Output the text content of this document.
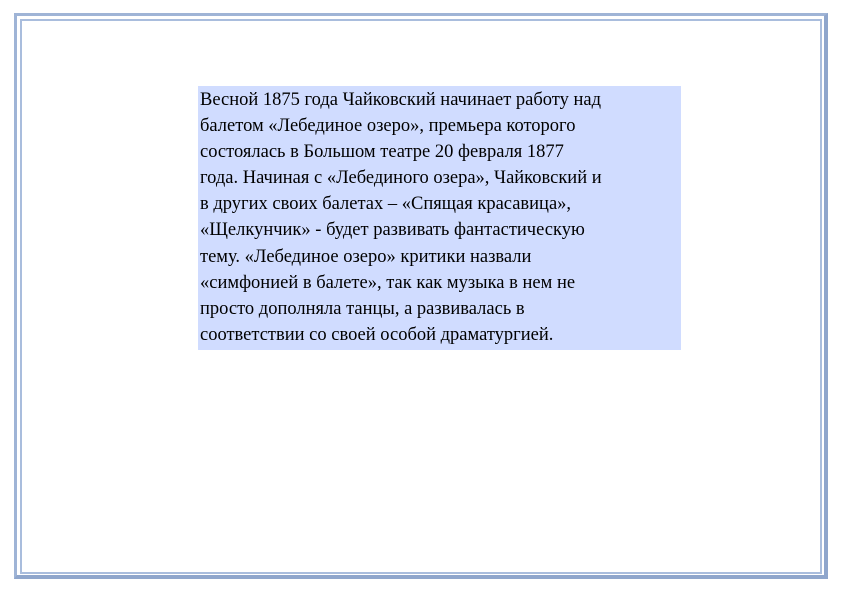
Весной 1875 года Чайковский начинает работу над
балетом «Лебединое озеро», премьера которого
состоялась в Большом театре 20 февраля 1877
года. Начиная с «Лебединого озера», Чайковский и
в других своих балетах – «Спящая красавица»,
«Щелкунчик» - будет развивать фантастическую
тему. «Лебединое озеро» критики назвали
«симфонией в балете», так как музыка в нем не
просто дополняла танцы, а развивалась в
соответствии со своей особой драматургией.
